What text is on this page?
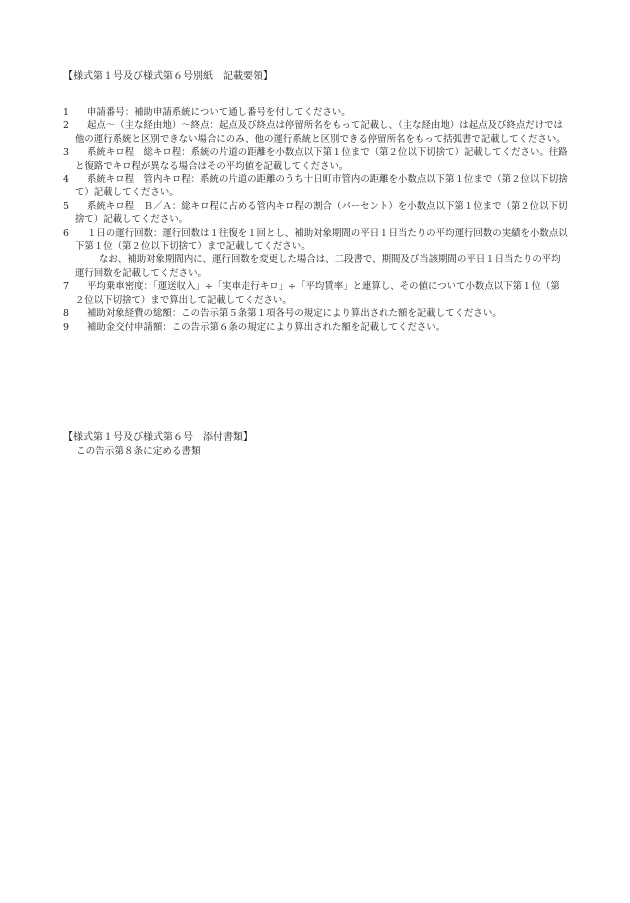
【様式第１号及び様式第６号別紙　記載要領】
1	申請番号：補助申請系統について通し番号を付してください。
2	起点～（主な経由地）～終点：起点及び終点は停留所名をもって記載し、（主な経由地）は起点及び終点だけでは他の運行系統と区別できない場合にのみ、他の運行系統と区別できる停留所名をもって括弧書で記載してください。
3	系統キロ程　総キロ程：系統の片道の距離を小数点以下第１位まで（第２位以下切捨て）記載してください。往路と復路でキロ程が異なる場合はその平均値を記載してください。
4	系統キロ程　管内キロ程：系統の片道の距離のうち十日町市管内の距離を小数点以下第１位まで（第２位以下切捨て）記載してください。
5	系統キロ程　Ｂ／Ａ：総キロ程に占める管内キロ程の割合（パーセント）を小数点以下第１位まで（第２位以下切捨て）記載してください。
6	１日の運行回数：運行回数は１往復を１回とし、補助対象期間の平日１日当たりの平均運行回数の実績を小数点以下第１位（第２位以下切捨て）まで記載してください。
なお、補助対象期間内に、運行回数を変更した場合は、二段書で、期間及び当該期間の平日１日当たりの平均運行回数を記載してください。
7	平均乗車密度：「運送収入」÷「実車走行キロ」÷「平均賃率」と連算し、その値について小数点以下第１位（第２位以下切捨て）まで算出して記載してください。
8	補助対象経費の総額：この告示第５条第１項各号の規定により算出された額を記載してください。
9	補助金交付申請額：この告示第６条の規定により算出された額を記載してください。
【様式第１号及び様式第６号　添付書類】
この告示第８条に定める書類
